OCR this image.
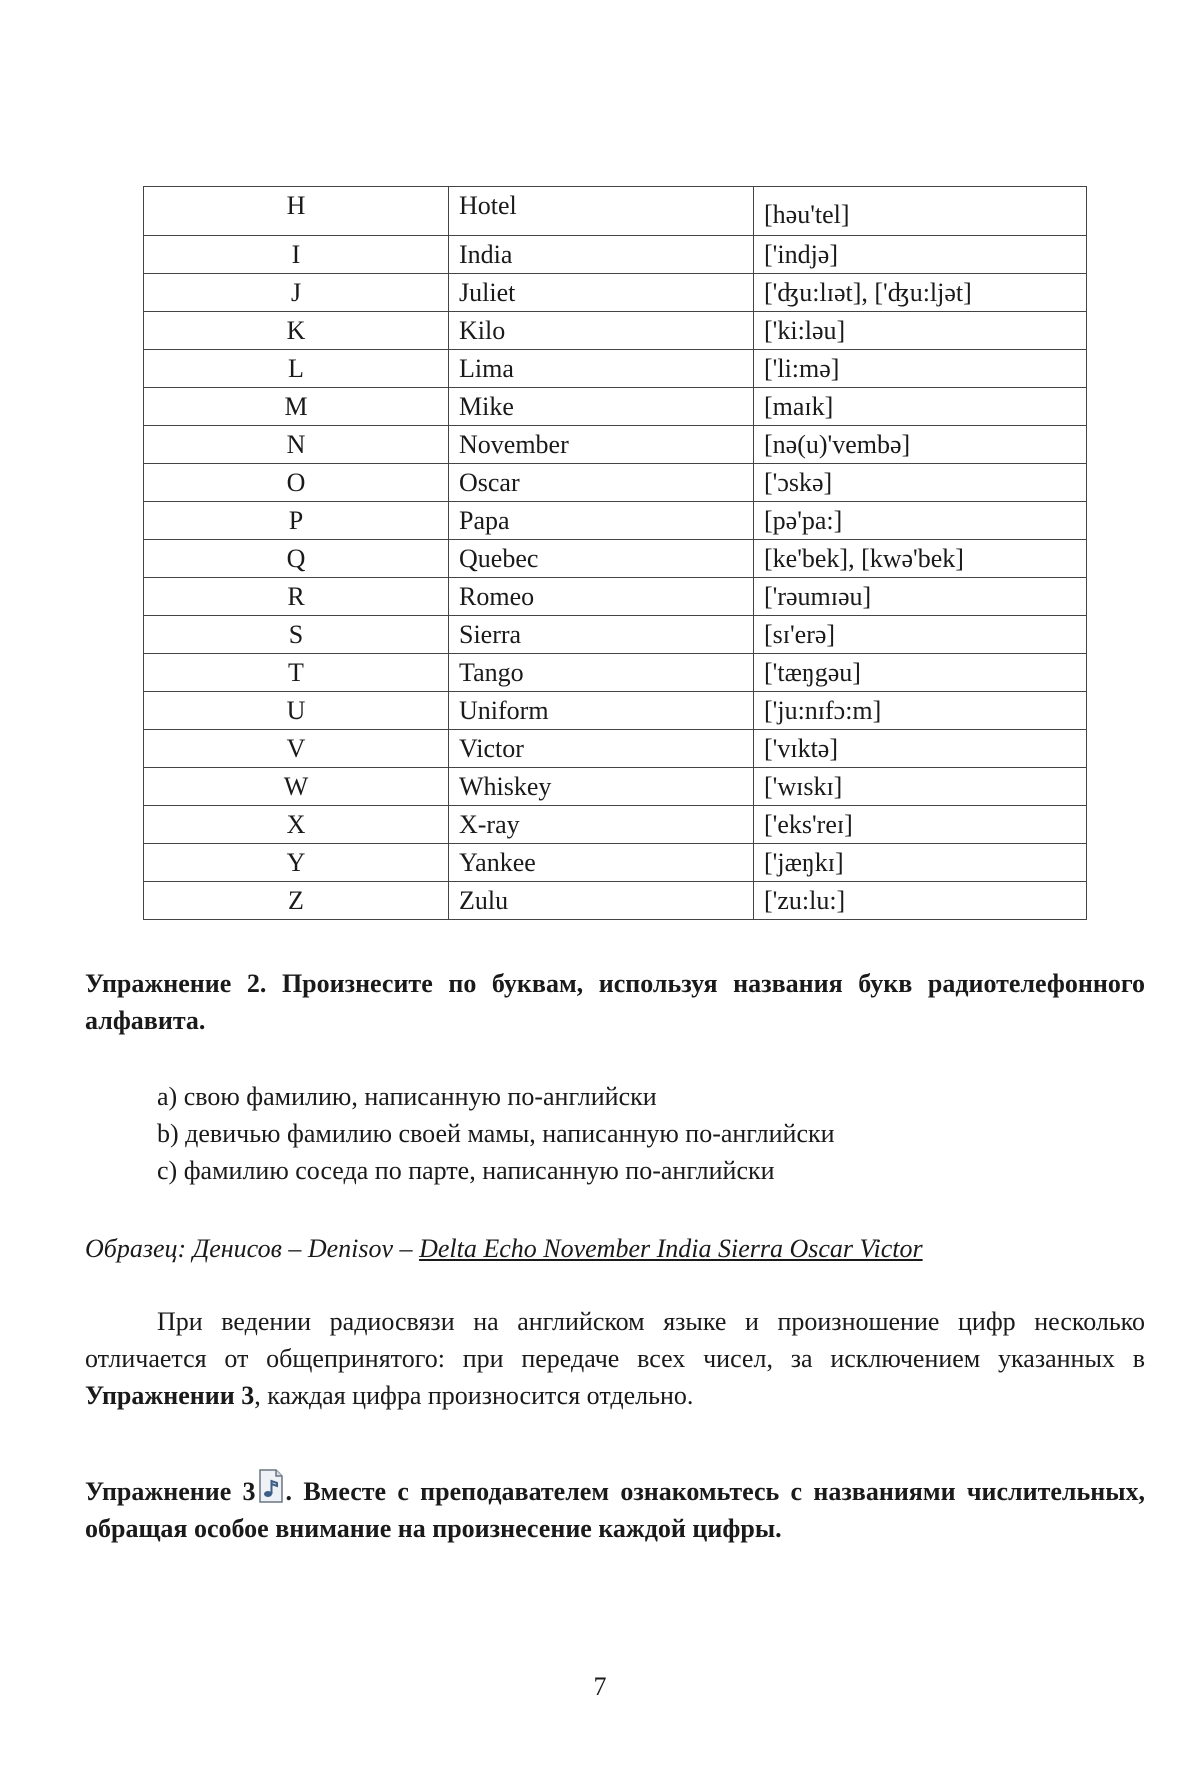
H	Hotel	[həu'tel]
I	India	['indjə]
J	Juliet	['ʤu:lɪət], ['ʤu:ljət]
K	Kilo	['ki:ləu]
L	Lima	['li:mə]
M	Mike	[maɪk]
N	November	[nə(u)'vembə]
O	Oscar	['ɔskə]
P	Papa	[pə'pa:]
Q	Quebec	[ke'bek], [kwə'bek]
R	Romeo	['rəumɪəu]
S	Sierra	[sɪ'erə]
T	Tango	['tæŋgəu]
U	Uniform	['ju:nɪfɔ:m]
V	Victor	['vɪktə]
W	Whiskey	['wɪskɪ]
X	X-ray	['eks'reɪ]
Y	Yankee	['jæŋkɪ]
Z	Zulu	['zu:lu:]
Упражнение 2. Произнесите по буквам, используя названия букв радиотелефонного алфавита.
a) свою фамилию, написанную по-английски
b) девичью фамилию своей мамы, написанную по-английски
c) фамилию соседа по парте, написанную по-английски
Образец: Денисов – Denisov – Delta Echo November India Sierra Oscar Victor
При ведении радиосвязи на английском языке и произношение цифр несколько отличается от общепринятого: при передаче всех чисел, за исключением указанных в Упражнении 3, каждая цифра произносится отдельно.
Упражнение 3 . Вместе с преподавателем ознакомьтесь с названиями числительных, обращая особое внимание на произнесение каждой цифры.
7
